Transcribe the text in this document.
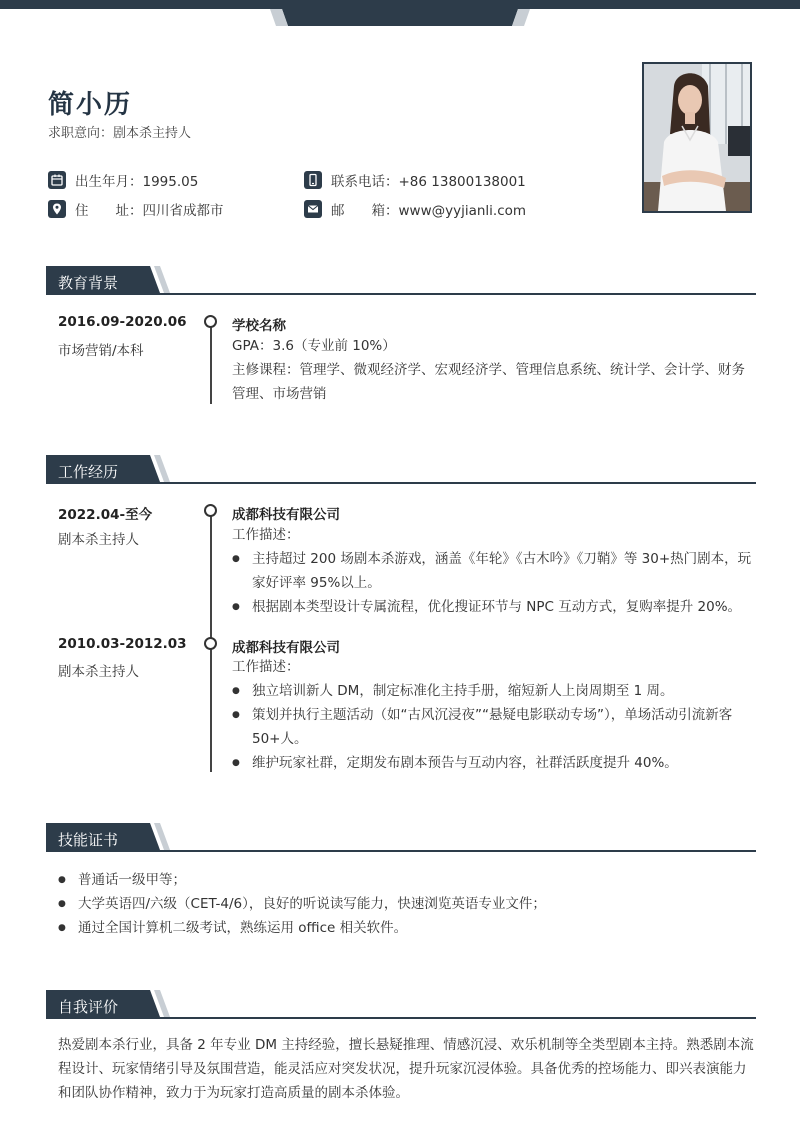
简小历
求职意向：剧本杀主持人
出生年月：1995.05	联系电话：+86 13800138001
住　　址：四川省成都市	邮　　箱：www@yyjianli.com
教育背景
2016.09-2020.06
市场营销/本科
学校名称
GPA：3.6（专业前 10%）
主修课程：管理学、微观经济学、宏观经济学、管理信息系统、统计学、会计学、财务管理、市场营销
工作经历
2022.04-至今
剧本杀主持人
成都科技有限公司
工作描述：
● 主持超过 200 场剧本杀游戏，涵盖《年轮》《古木吟》《刀鞘》等 30+热门剧本，玩家好评率 95%以上。
● 根据剧本类型设计专属流程，优化搜证环节与 NPC 互动方式，复购率提升 20%。
2010.03-2012.03
剧本杀主持人
成都科技有限公司
工作描述：
● 独立培训新人 DM，制定标准化主持手册，缩短新人上岗周期至 1 周。
● 策划并执行主题活动（如“古风沉浸夜”“悬疑电影联动专场”），单场活动引流新客 50+人。
● 维护玩家社群，定期发布剧本预告与互动内容，社群活跃度提升 40%。
技能证书
● 普通话一级甲等；
● 大学英语四/六级（CET-4/6），良好的听说读写能力，快速浏览英语专业文件；
● 通过全国计算机二级考试，熟练运用 office 相关软件。
自我评价
热爱剧本杀行业，具备 2 年专业 DM 主持经验，擅长悬疑推理、情感沉浸、欢乐机制等全类型剧本主持。熟悉剧本流程设计、玩家情绪引导及氛围营造，能灵活应对突发状况，提升玩家沉浸体验。具备优秀的控场能力、即兴表演能力和团队协作精神，致力于为玩家打造高质量的剧本杀体验。
